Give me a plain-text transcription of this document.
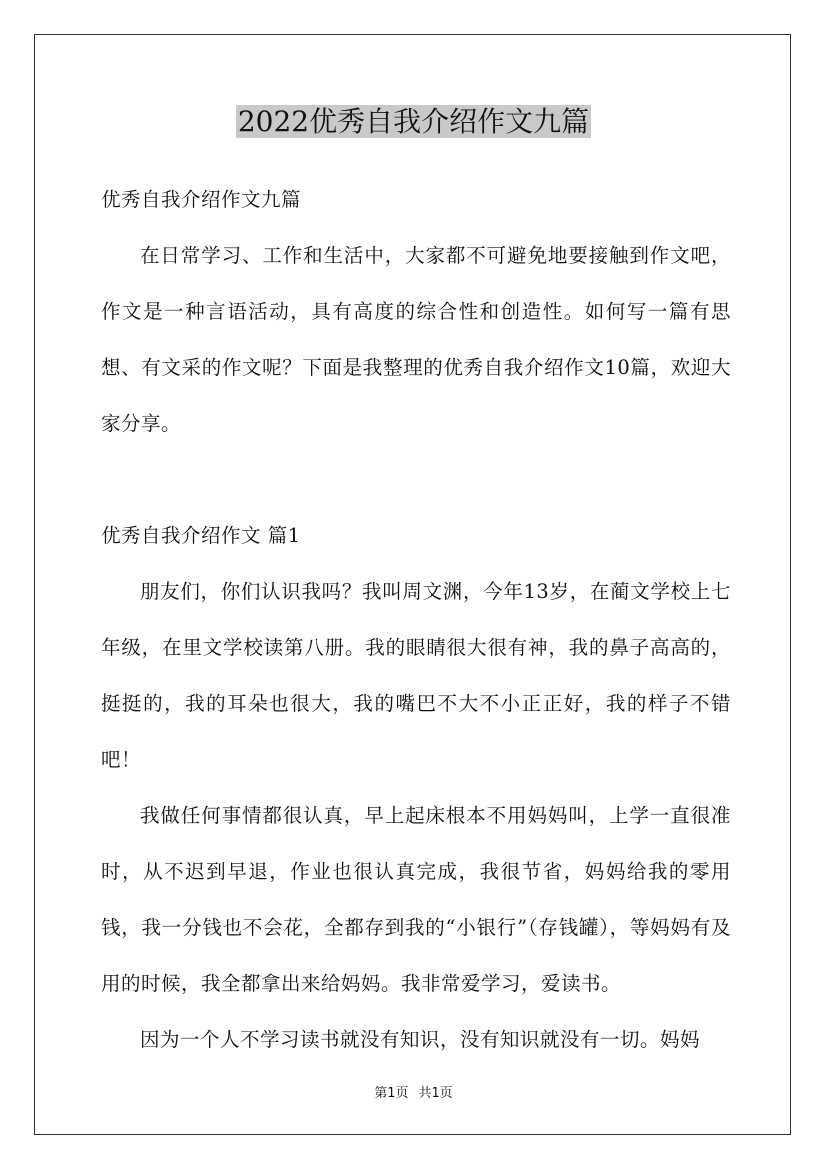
2022优秀自我介绍作文九篇

优秀自我介绍作文九篇

在日常学习、工作和生活中，大家都不可避免地要接触到作文吧，作文是一种言语活动，具有高度的综合性和创造性。如何写一篇有思想、有文采的作文呢？下面是我整理的优秀自我介绍作文10篇，欢迎大家分享。

优秀自我介绍作文 篇1

朋友们，你们认识我吗？我叫周文渊，今年13岁，在蔺文学校上七年级，在里文学校读第八册。我的眼睛很大很有神，我的鼻子高高的，挺挺的，我的耳朵也很大，我的嘴巴不大不小正正好，我的样子不错吧！

我做任何事情都很认真，早上起床根本不用妈妈叫，上学一直很准时，从不迟到早退，作业也很认真完成，我很节省，妈妈给我的零用钱，我一分钱也不会花，全都存到我的“小银行”（存钱罐），等妈妈有及用的时候，我全都拿出来给妈妈。我非常爱学习，爱读书。

因为一个人不学习读书就没有知识，没有知识就没有一切。妈妈

第1页 共1页
